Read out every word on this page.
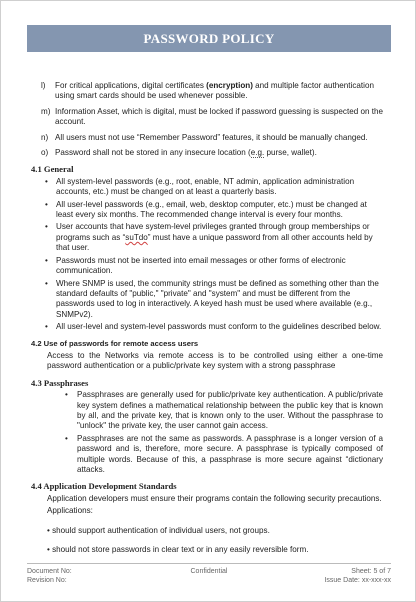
PASSWORD POLICY
l)	For critical applications, digital certificates (encryption) and multiple factor authentication using smart cards should be used whenever possible.
m) Information Asset, which is digital, must be locked if password guessing is suspected on the account.
n) All users must not use “Remember Password” features, it should be manually changed.
o) Password shall not be stored in any insecure location (e.g. purse, wallet).
4.1 General
• All system-level passwords (e.g., root, enable, NT admin, application administration accounts, etc.) must be changed on at least a quarterly basis.
• All user-level passwords (e.g., email, web, desktop computer, etc.) must be changed at least every six months. The recommended change interval is every four months.
• User accounts that have system-level privileges granted through group memberships or programs such as “suTdo” must have a unique password from all other accounts held by that user.
• Passwords must not be inserted into email messages or other forms of electronic communication.
• Where SNMP is used, the community strings must be defined as something other than the standard defaults of "public," "private" and "system" and must be different from the passwords used to log in interactively. A keyed hash must be used where available (e.g., SNMPv2).
• All user-level and system-level passwords must conform to the guidelines described below.
4.2 Use of passwords for remote access users

Access to the Networks via remote access is to be controlled using either a one-time password authentication or a public/private key system with a strong passphrase

4.3 Passphrases
• Passphrases are generally used for public/private key authentication. A public/private key system defines a mathematical relationship between the public key that is known by all, and the private key, that is known only to the user. Without the passphrase to "unlock" the private key, the user cannot gain access.
• Passphrases are not the same as passwords. A passphrase is a longer version of a password and is, therefore, more secure. A passphrase is typically composed of multiple words. Because of this, a passphrase is more secure against “dictionary attacks.
4.4 Application Development Standards

Application developers must ensure their programs contain the following security precautions.

Applications:

• should support authentication of individual users, not groups.

• should not store passwords in clear text or in any easily reversible form.

Document No:	Confidential	Sheet: 5 of 7
Revision No:	Issue Date: xx-xxx-xx
